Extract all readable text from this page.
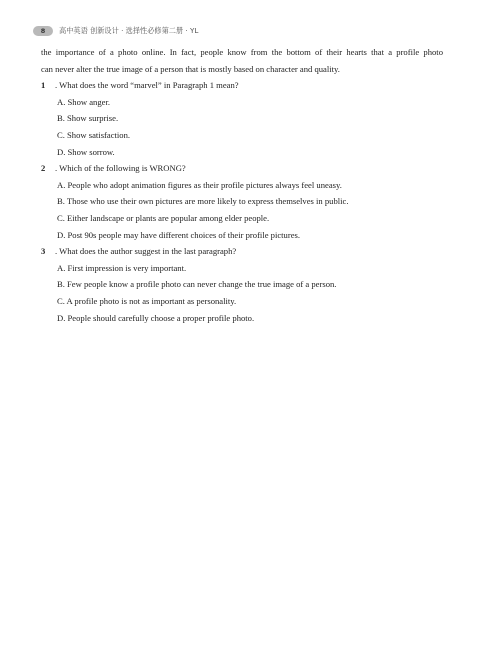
8	高中英语 创新设计 · 选择性必修第二册 · YL

the importance of a photo online. In fact, people know from the bottom of their hearts that a profile photo
can never alter the true image of a person that is mostly based on character and quality.

1 . What does the word “marvel” in Paragraph 1 mean?
A. Show anger.
B. Show surprise.
C. Show satisfaction.
D. Show sorrow.
2 . Which of the following is WRONG?
A. People who adopt animation figures as their profile pictures always feel uneasy.
B. Those who use their own pictures are more likely to express themselves in public.
C. Either landscape or plants are popular among elder people.
D. Post 90s people may have different choices of their profile pictures.
3 . What does the author suggest in the last paragraph?
A. First impression is very important.
B. Few people know a profile photo can never change the true image of a person.
C. A profile photo is not as important as personality.
D. People should carefully choose a proper profile photo.
